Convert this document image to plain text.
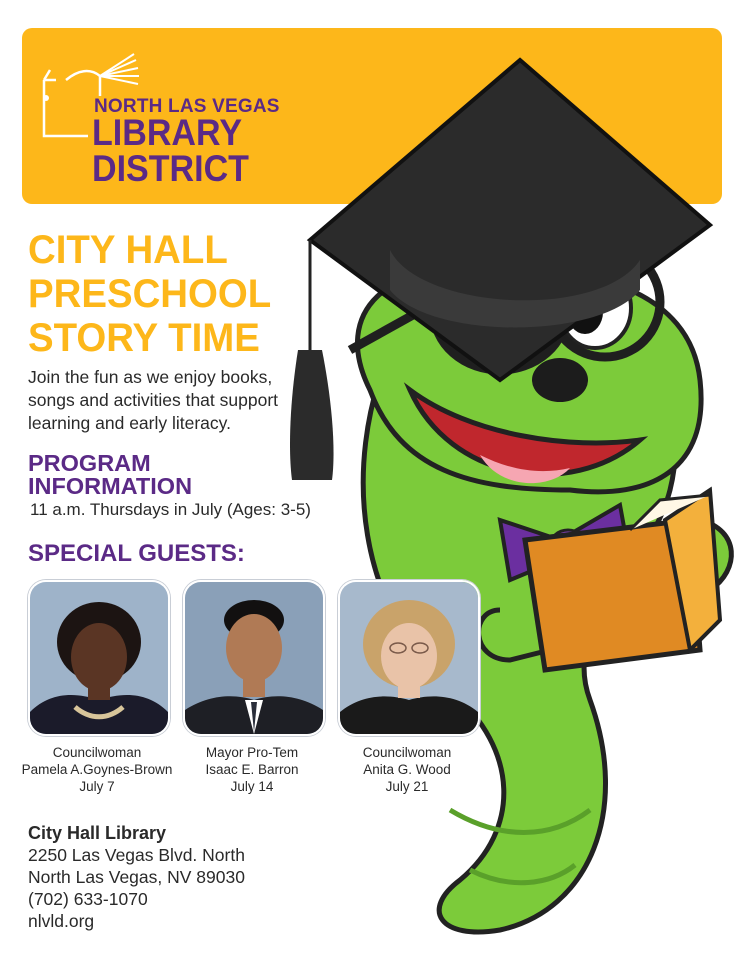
NORTH LAS VEGAS
LIBRARY
DISTRICT
CITY HALL
PRESCHOOL
STORY TIME
Join the fun as we enjoy books,
songs and activities that support
learning and early literacy.
PROGRAM
INFORMATION
11 a.m. Thursdays in July (Ages: 3-5)
SPECIAL GUESTS:
Councilwoman
Pamela A.Goynes-Brown
July 7
Mayor Pro-Tem
Isaac E. Barron
July 14
Councilwoman
Anita G. Wood
July 21
City Hall Library
2250 Las Vegas Blvd. North
North Las Vegas, NV 89030
(702) 633-1070
nlvld.org
